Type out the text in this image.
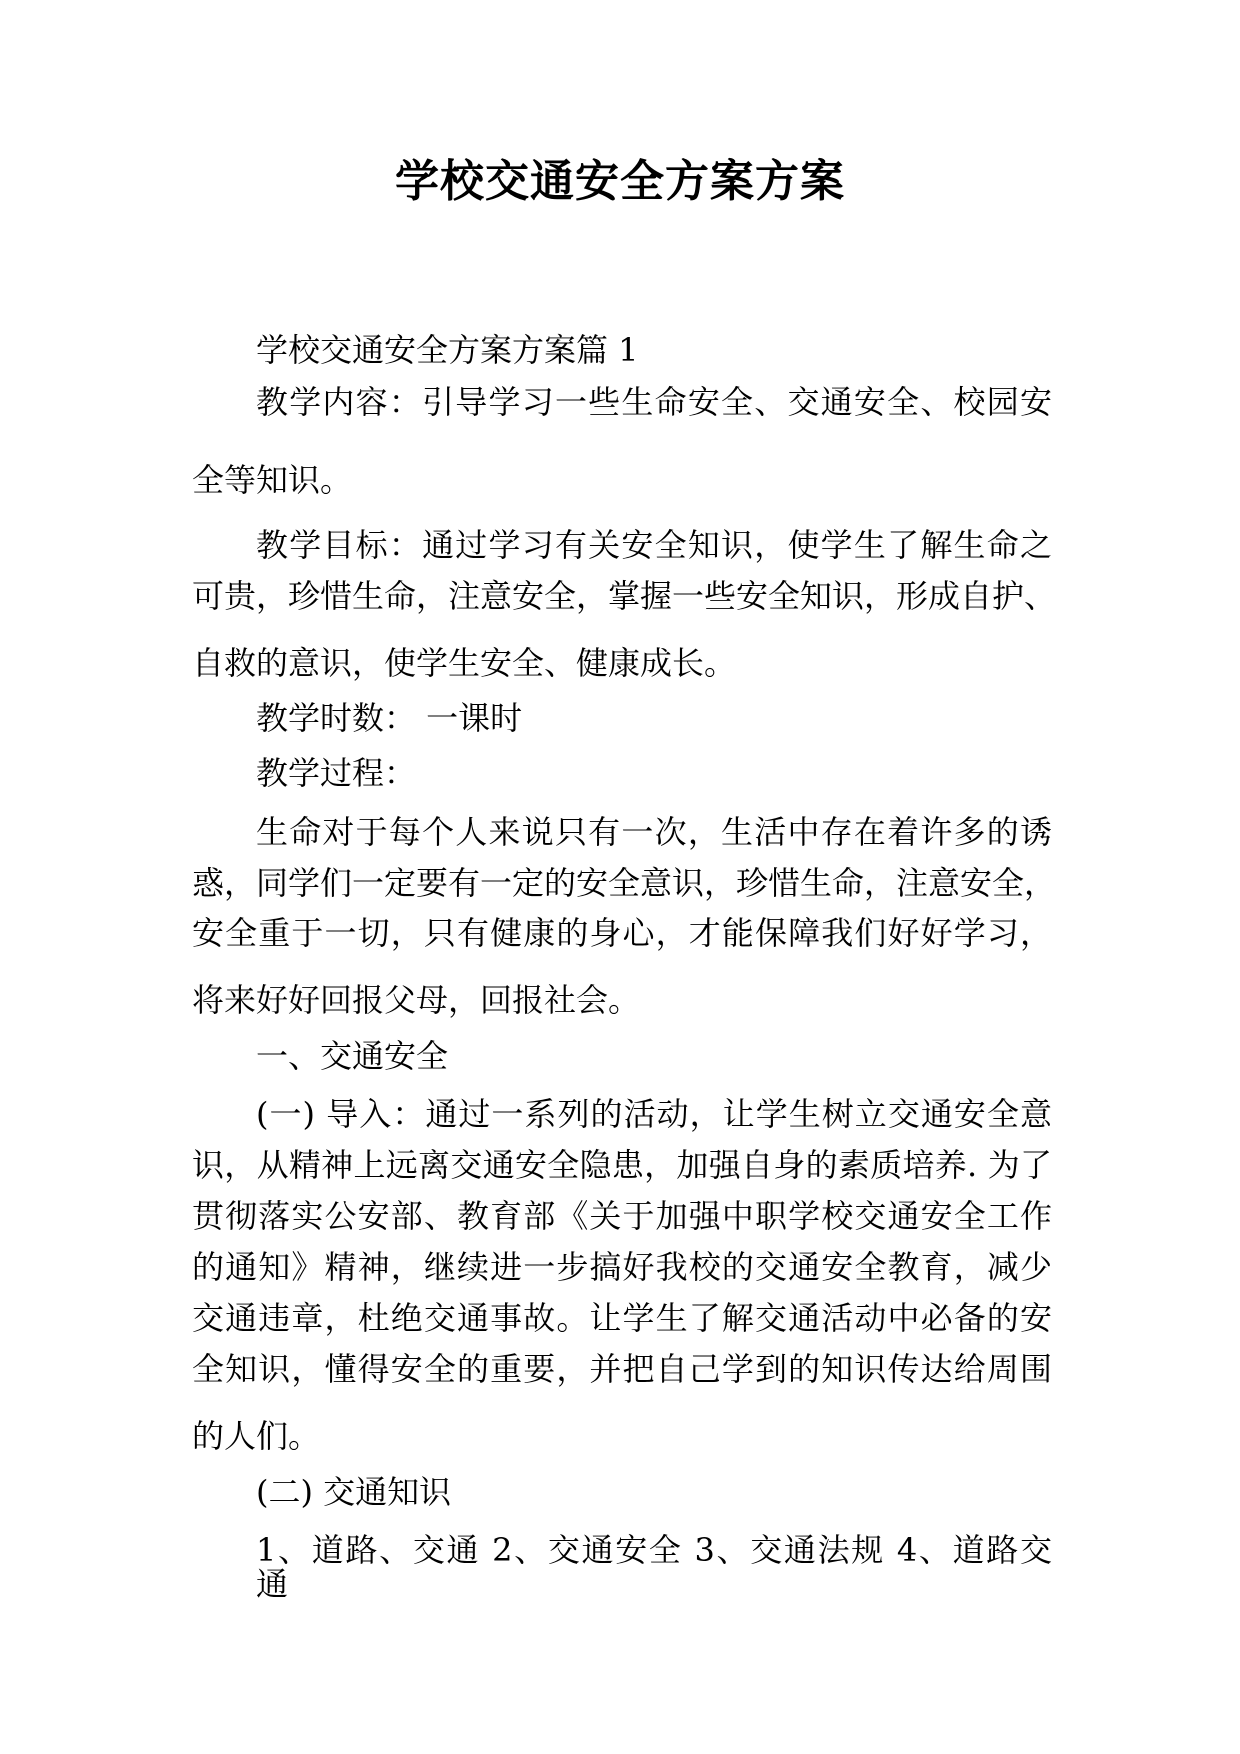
学校交通安全方案方案

学校交通安全方案方案篇 1

教学内容：引导学习一些生命安全、交通安全、校园安

全等知识。

教学目标：通过学习有关安全知识，使学生了解生命之

可贵，珍惜生命，注意安全，掌握一些安全知识，形成自护、

自救的意识，使学生安全、健康成长。

教学时数： 一课时

教学过程：

生命对于每个人来说只有一次，生活中存在着许多的诱

惑，同学们一定要有一定的安全意识，珍惜生命，注意安全，

安全重于一切，只有健康的身心，才能保障我们好好学习，

将来好好回报父母，回报社会。

一、交通安全

(一) 导入：通过一系列的活动，让学生树立交通安全意

识，从精神上远离交通安全隐患，加强自身的素质培养. 为了

贯彻落实公安部、教育部《关于加强中职学校交通安全工作

的通知》精神，继续进一步搞好我校的交通安全教育，减少

交通违章，杜绝交通事故。让学生了解交通活动中必备的安

全知识，懂得安全的重要，并把自己学到的知识传达给周围

的人们。

(二) 交通知识

1、道路、交通 2、交通安全 3、交通法规 4、道路交

通
